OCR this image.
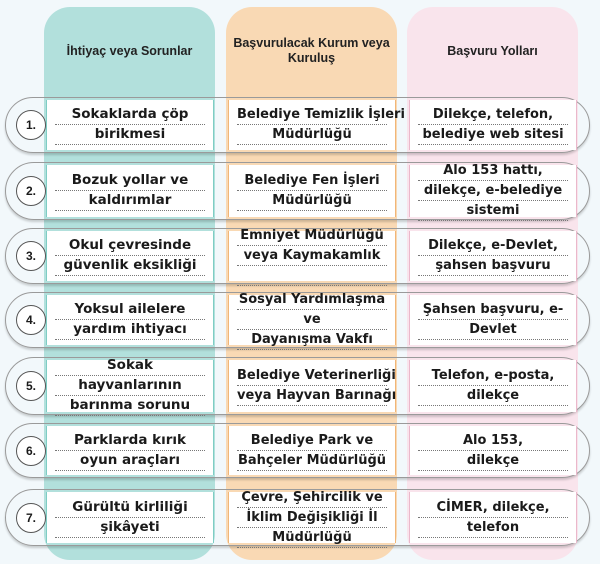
İhtiyaç veya Sorunlar
Başvurulacak Kurum veya Kuruluş
Başvuru Yolları
1.
Sokaklarda çöp
birikmesi
Belediye Temizlik İşleri
Müdürlüğü
Dilekçe, telefon,
belediye web sitesi
2.
Bozuk yollar ve
kaldırımlar
Belediye Fen İşleri
Müdürlüğü
Alo 153 hattı,
dilekçe, e-belediye
sistemi
3.
Okul çevresinde
güvenlik eksikliği
Emniyet Müdürlüğü
veya Kaymakamlık

Dilekçe, e-Devlet,
şahsen başvuru
4.
Yoksul ailelere
yardım ihtiyacı
Sosyal Yardımlaşma
ve
Dayanışma Vakfı
Şahsen başvuru, e-
Devlet
5.
Sokak
hayvanlarının
barınma sorunu
Belediye Veterinerliği
veya Hayvan Barınağı
Telefon, e-posta,
dilekçe
6.
Parklarda kırık
oyun araçları
Belediye Park ve
Bahçeler Müdürlüğü
Alo 153,
dilekçe
7.
Gürültü kirliliği
şikâyeti
Çevre, Şehircilik ve
İklim Değişikliği İl
Müdürlüğü
CİMER, dilekçe,
telefon
